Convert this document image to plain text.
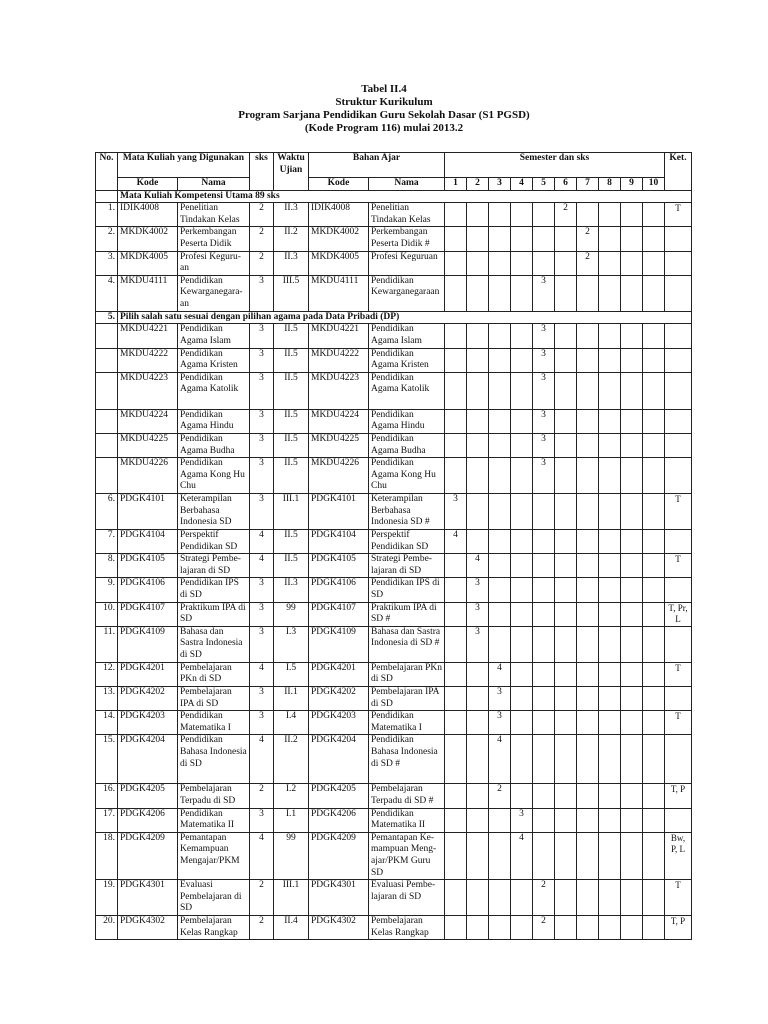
Tabel II.4
Struktur Kurikulum
Program Sarjana Pendidikan Guru Sekolah Dasar (S1 PGSD)
(Kode Program 116) mulai 2013.2
No.	Mata Kuliah yang Digunakan		sks	Waktu Ujian	Bahan Ajar		Semester dan sks										Ket.
	Kode	Nama			Kode	Nama	1	2	3	4	5	6	7	8	9	10	
	Mata Kuliah Kompetensi Utama 89 sks																
1.	IDIK4008	Penelitian Tindakan Kelas	2	II.3	IDIK4008	Penelitian Tindakan Kelas						2					T
2.	MKDK4002	Perkembangan Peserta Didik	2	II.2	MKDK4002	Perkembangan Peserta Didik #							2				
3.	MKDK4005	Profesi Keguru-an	2	II.3	MKDK4005	Profesi Keguruan							2				
4.	MKDU4111	Pendidikan Kewarganegara-an	3	III.5	MKDU4111	Pendidikan Kewarganegaraan					3						
5.	Pilih salah satu sesuai dengan pilihan agama pada Data Pribadi (DP)																
	MKDU4221	Pendidikan Agama Islam	3	II.5	MKDU4221	Pendidikan Agama Islam					3						
	MKDU4222	Pendidikan Agama Kristen	3	II.5	MKDU4222	Pendidikan Agama Kristen					3						
	MKDU4223	Pendidikan Agama Katolik	3	II.5	MKDU4223	Pendidikan Agama Katolik					3						
	MKDU4224	Pendidikan Agama Hindu	3	II.5	MKDU4224	Pendidikan Agama Hindu					3						
	MKDU4225	Pendidikan Agama Budha	3	II.5	MKDU4225	Pendidikan Agama Budha					3						
	MKDU4226	Pendidikan Agama Kong Hu Chu	3	II.5	MKDU4226	Pendidikan Agama Kong Hu Chu					3						
6.	PDGK4101	Keterampilan Berbahasa Indonesia SD	3	III.1	PDGK4101	Keterampilan Berbahasa Indonesia SD #	3										T
7.	PDGK4104	Perspektif Pendidikan SD	4	II.5	PDGK4104	Perspektif Pendidikan SD	4										
8.	PDGK4105	Strategi Pembe-lajaran di SD	4	II.5	PDGK4105	Strategi Pembe-lajaran di SD		4									T
9.	PDGK4106	Pendidikan IPS di SD	3	II.3	PDGK4106	Pendidikan IPS di SD		3									
10.	PDGK4107	Praktikum IPA di SD	3	99	PDGK4107	Praktikum IPA di SD #		3									T, Pr, L
11.	PDGK4109	Bahasa dan Sastra Indonesia di SD	3	I.3	PDGK4109	Bahasa dan Sastra Indonesia di SD #		3									
12.	PDGK4201	Pembelajaran PKn di SD	4	I.5	PDGK4201	Pembelajaran PKn di SD			4								T
13.	PDGK4202	Pembelajaran IPA di SD	3	II.1	PDGK4202	Pembelajaran IPA di SD			3								
14.	PDGK4203	Pendidikan Matematika I	3	I.4	PDGK4203	Pendidikan Matematika I			3								T
15.	PDGK4204	Pendidikan Bahasa Indonesia di SD	4	II.2	PDGK4204	Pendidikan Bahasa Indonesia di SD #			4								
16.	PDGK4205	Pembelajaran Terpadu di SD	2	I.2	PDGK4205	Pembelajaran Terpadu di SD #			2								T, P
17.	PDGK4206	Pendidikan Matematika II	3	I.1	PDGK4206	Pendidikan Matematika II				3							
18.	PDGK4209	Pemantapan Kemampuan Mengajar/PKM	4	99	PDGK4209	Pemantapan Ke-mampuan Meng-ajar/PKM Guru SD				4							Bw, P, L
19.	PDGK4301	Evaluasi Pembelajaran di SD	2	III.1	PDGK4301	Evaluasi Pembe-lajaran di SD					2						T
20.	PDGK4302	Pembelajaran Kelas Rangkap	2	II.4	PDGK4302	Pembelajaran Kelas Rangkap					2						T, P
